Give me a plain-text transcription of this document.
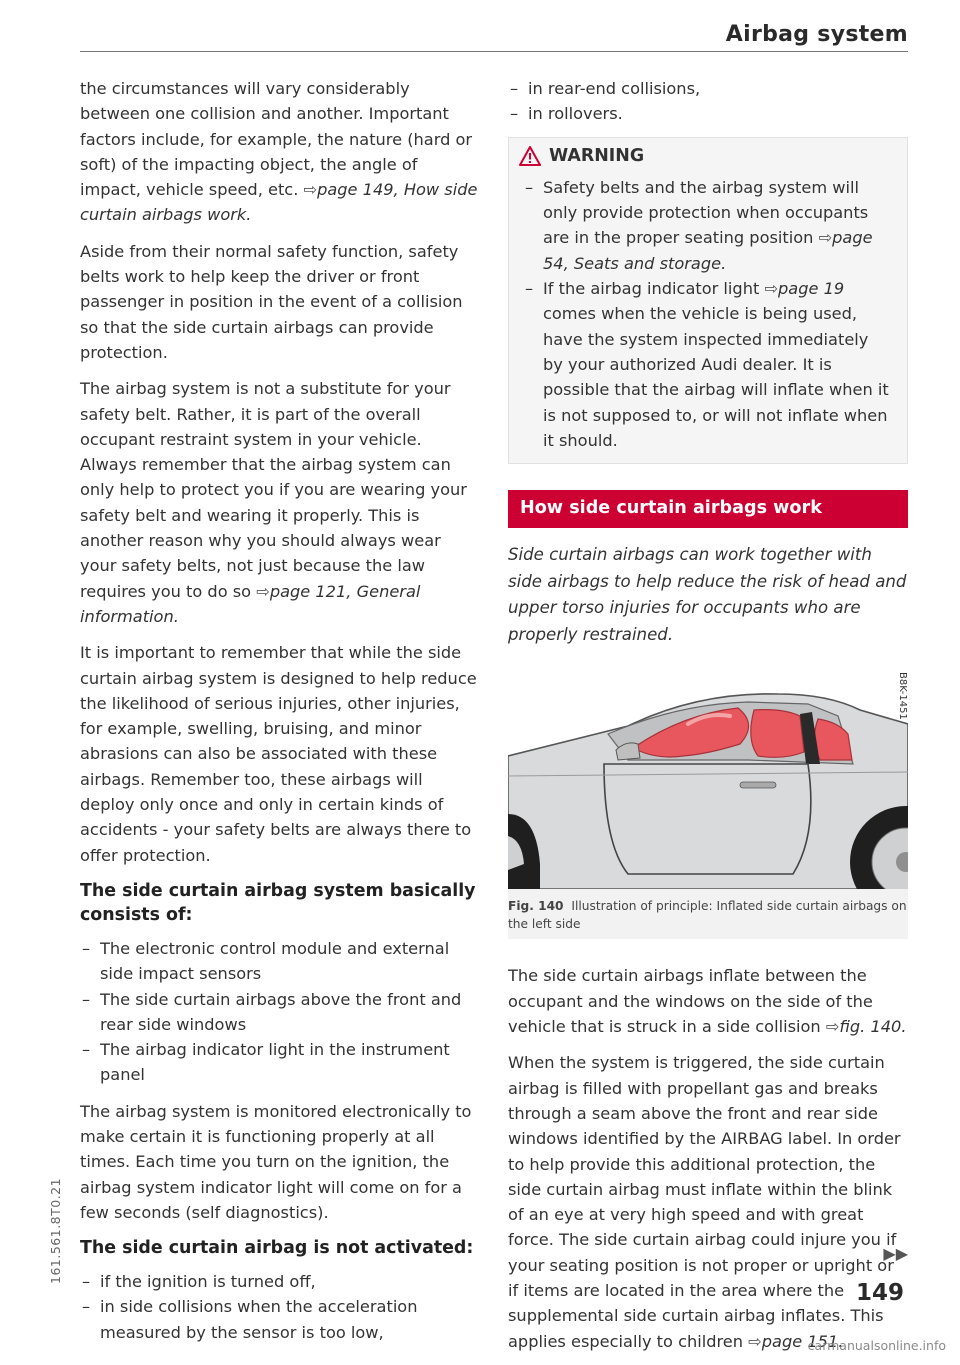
Airbag system

the circumstances will vary considerably between one collision and another. Important factors include, for example, the nature (hard or soft) of the impacting object, the angle of impact, vehicle speed, etc. ⇨page 149, How side curtain airbags work.

Aside from their normal safety function, safety belts work to help keep the driver or front passenger in position in the event of a collision so that the side curtain airbags can provide protection.

The airbag system is not a substitute for your safety belt. Rather, it is part of the overall occupant restraint system in your vehicle. Always remember that the airbag system can only help to protect you if you are wearing your safety belt and wearing it properly. This is another reason why you should always wear your safety belts, not just because the law requires you to do so ⇨page 121, General information.

It is important to remember that while the side curtain airbag system is designed to help reduce the likelihood of serious injuries, other injuries, for example, swelling, bruising, and minor abrasions can also be associated with these airbags. Remember too, these airbags will deploy only once and only in certain kinds of accidents - your safety belts are always there to offer protection.

The side curtain airbag system basically consists of:
– The electronic control module and external side impact sensors
– The side curtain airbags above the front and rear side windows
– The airbag indicator light in the instrument panel

The airbag system is monitored electronically to make certain it is functioning properly at all times. Each time you turn on the ignition, the airbag system indicator light will come on for a few seconds (self diagnostics).

The side curtain airbag is not activated:
– if the ignition is turned off,
– in side collisions when the acceleration measured by the sensor is too low,
– in rear-end collisions,
– in rollovers.
WARNING
– Safety belts and the airbag system will only provide protection when occupants are in the proper seating position ⇨page 54, Seats and storage.
– If the airbag indicator light ⇨page 19 comes when the vehicle is being used, have the system inspected immediately by your authorized Audi dealer. It is possible that the airbag will inflate when it is not supposed to, or will not inflate when it should.
How side curtain airbags work

Side curtain airbags can work together with side airbags to help reduce the risk of head and upper torso injuries for occupants who are properly restrained.

B8K-1451
Fig. 140 Illustration of principle: Inflated side curtain airbags on the left side

The side curtain airbags inflate between the occupant and the windows on the side of the vehicle that is struck in a side collision ⇨fig. 140.

When the system is triggered, the side curtain airbag is filled with propellant gas and breaks through a seam above the front and rear side windows identified by the AIRBAG label. In order to help provide this additional protection, the side curtain airbag must inflate within the blink of an eye at very high speed and with great force. The side curtain airbag could injure you if your seating position is not proper or upright or if items are located in the area where the supplemental side curtain airbag inflates. This applies especially to children ⇨page 151.

▶▶
149
161.561.8T0.21
carmanualsonline.info
